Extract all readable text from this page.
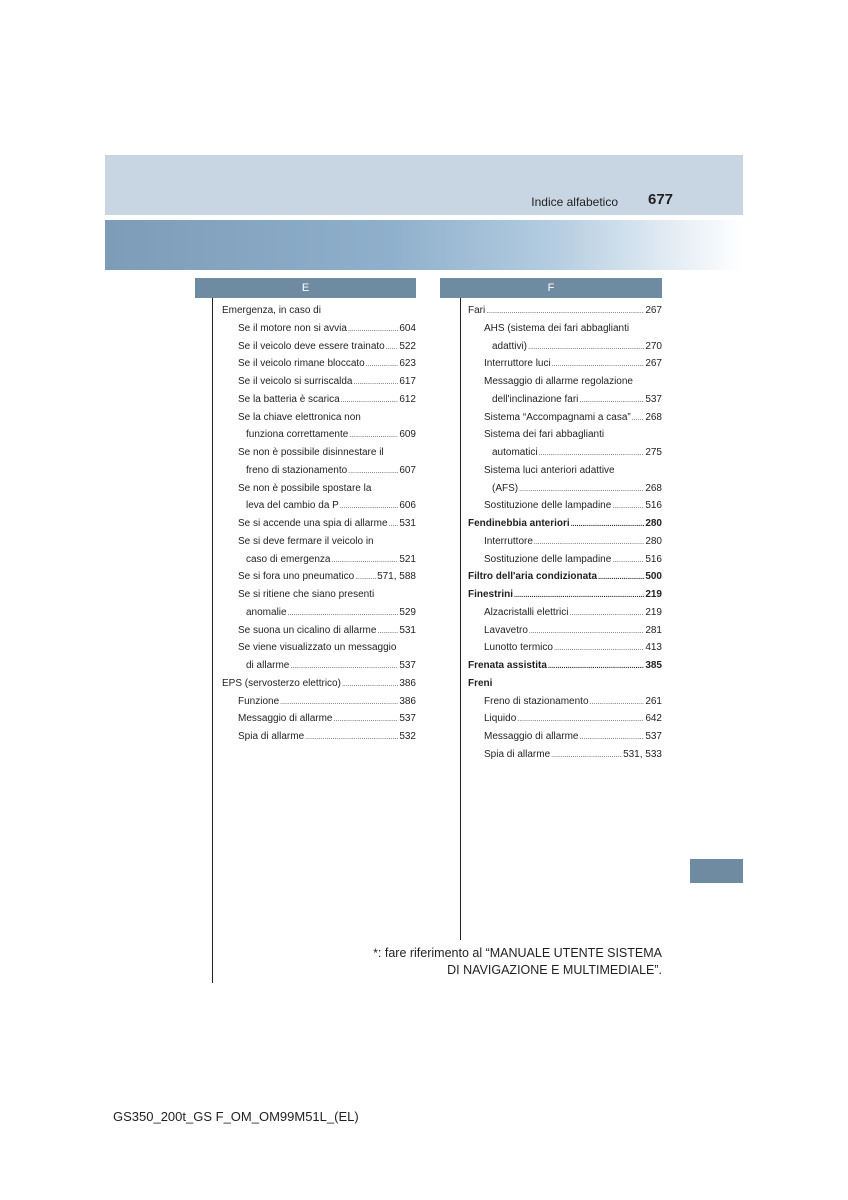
Indice alfabetico 677
E	F
Emergenza, in caso di
Se il motore non si avvia .....	604
Se il veicolo deve essere trainato ..... 522
Se il veicolo rimane bloccato .....	623
Se il veicolo si surriscalda .....	617
Se la batteria è scarica .....	612
Se la chiave elettronica non
funziona correttamente .....	609
Se non è possibile disinnestare il
freno di stazionamento .....	607
Se non è possibile spostare la
leva del cambio da P .....	606
Se si accende una spia di allarme ..... 531
Se si deve fermare il veicolo in
caso di emergenza .....	521
Se si fora uno pneumatico ..... 571, 588
Se si ritiene che siano presenti
anomalie .....	529
Se suona un cicalino di allarme ..... 531
Se viene visualizzato un messaggio
di allarme .....	537
EPS (servosterzo elettrico) .....	386
Funzione .....	386
Messaggio di allarme .....	537
Spia di allarme .....	532
Fari .....	267
AHS (sistema dei fari abbaglianti
adattivi) .....	270
Interruttore luci .....	267
Messaggio di allarme regolazione
dell'inclinazione fari .....	537
Sistema “Accompagnami a casa” ..... 268
Sistema dei fari abbaglianti
automatici .....	275
Sistema luci anteriori adattive
(AFS) .....	268
Sostituzione delle lampadine .....	516
Fendinebbia anteriori .....	280
Interruttore .....	280
Sostituzione delle lampadine .....	516
Filtro dell'aria condizionata .....	500
Finestrini .....	219
Alzacristalli elettrici .....	219
Lavavetro .....	281
Lunotto termico .....	413
Frenata assistita .....	385
Freni
Freno di stazionamento .....	261
Liquido .....	642
Messaggio di allarme .....	537
Spia di allarme .....	531, 533
*: fare riferimento al “MANUALE UTENTE SISTEMA
DI NAVIGAZIONE E MULTIMEDIALE”.
GS350_200t_GS F_OM_OM99M51L_(EL)
